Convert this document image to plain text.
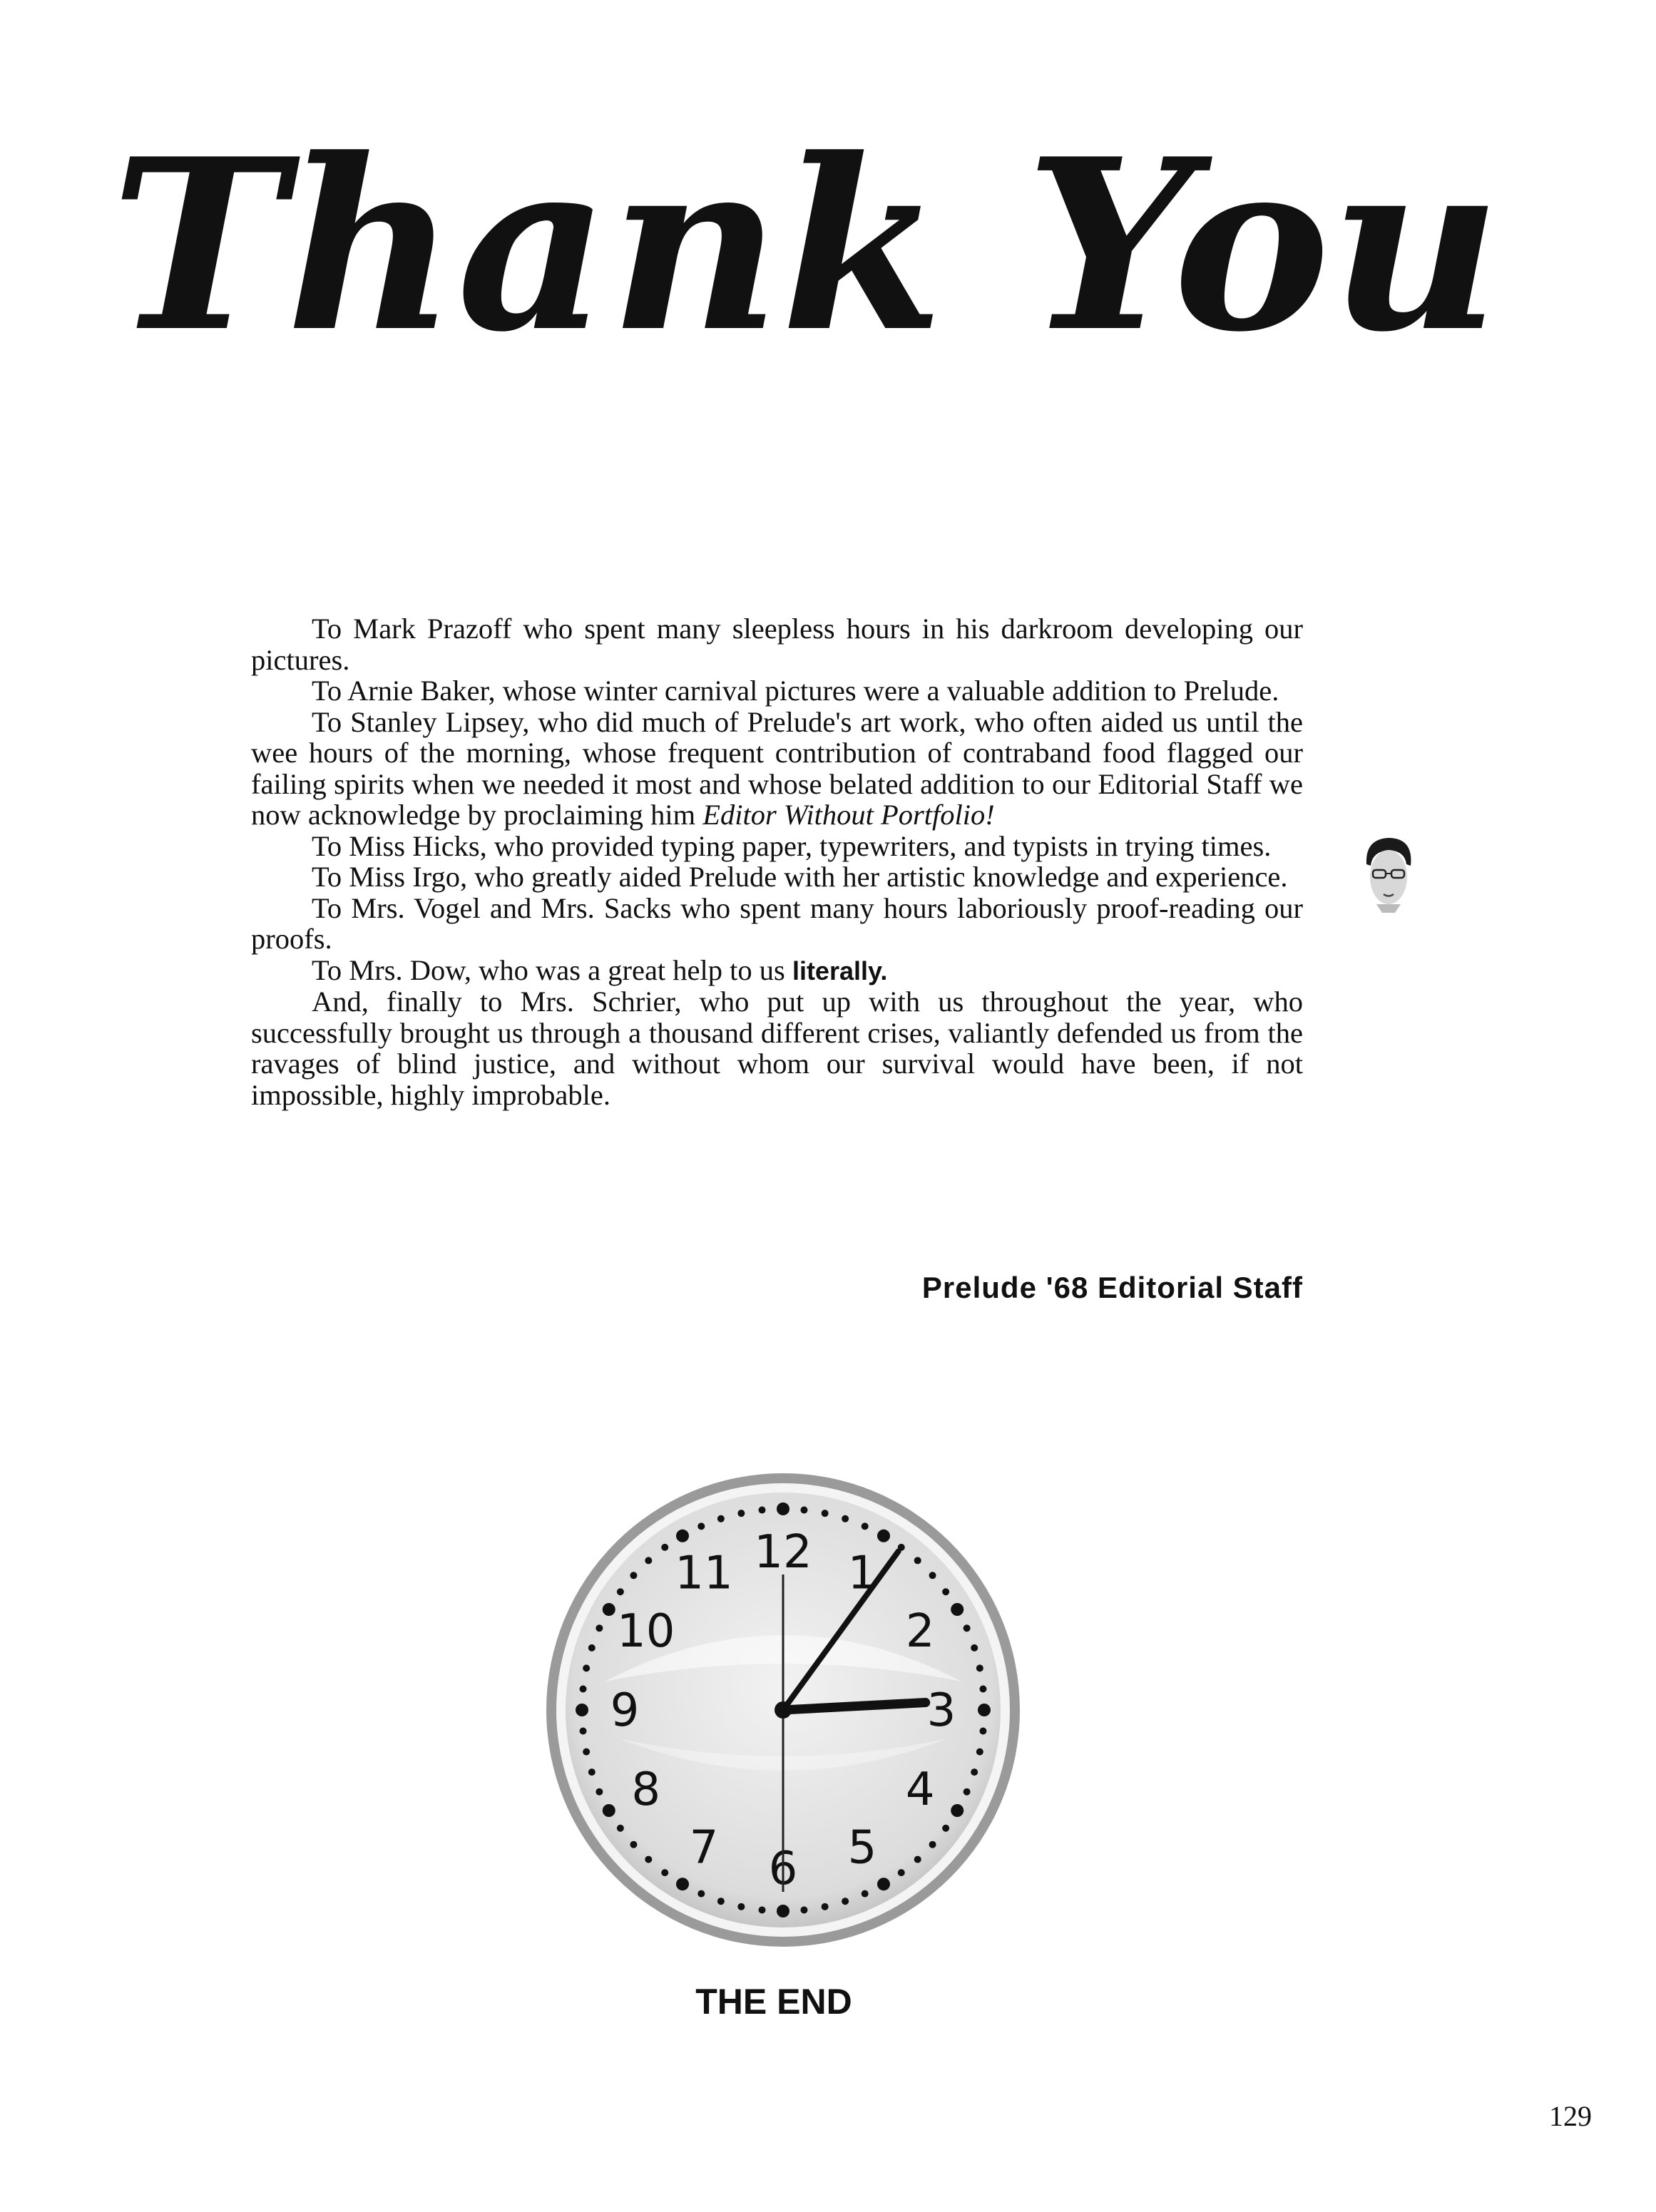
Thank You

To Mark Prazoff who spent many sleepless hours in his darkroom developing our pictures.

To Arnie Baker, whose winter carnival pictures were a valuable addition to Prelude.

To Stanley Lipsey, who did much of Prelude's art work, who often aided us until the wee hours of the morning, whose frequent contribution of contraband food flagged our failing spirits when we needed it most and whose belated addition to our Editorial Staff we now acknowledge by proclaiming him Editor Without Portfolio!

To Miss Hicks, who provided typing paper, typewriters, and typists in trying times.

To Miss Irgo, who greatly aided Prelude with her artistic knowledge and experience.

To Mrs. Vogel and Mrs. Sacks who spent many hours laboriously proof-reading our proofs.

To Mrs. Dow, who was a great help to us literally.

And, finally to Mrs. Schrier, who put up with us throughout the year, who successfully brought us through a thousand different crises, valiantly defended us from the ravages of blind justice, and without whom our survival would have been, if not impossible, highly improbable.

Prelude '68 Editorial Staff

12 1
2
3
4
5
6
7
8
9
10
11

THE END

129
